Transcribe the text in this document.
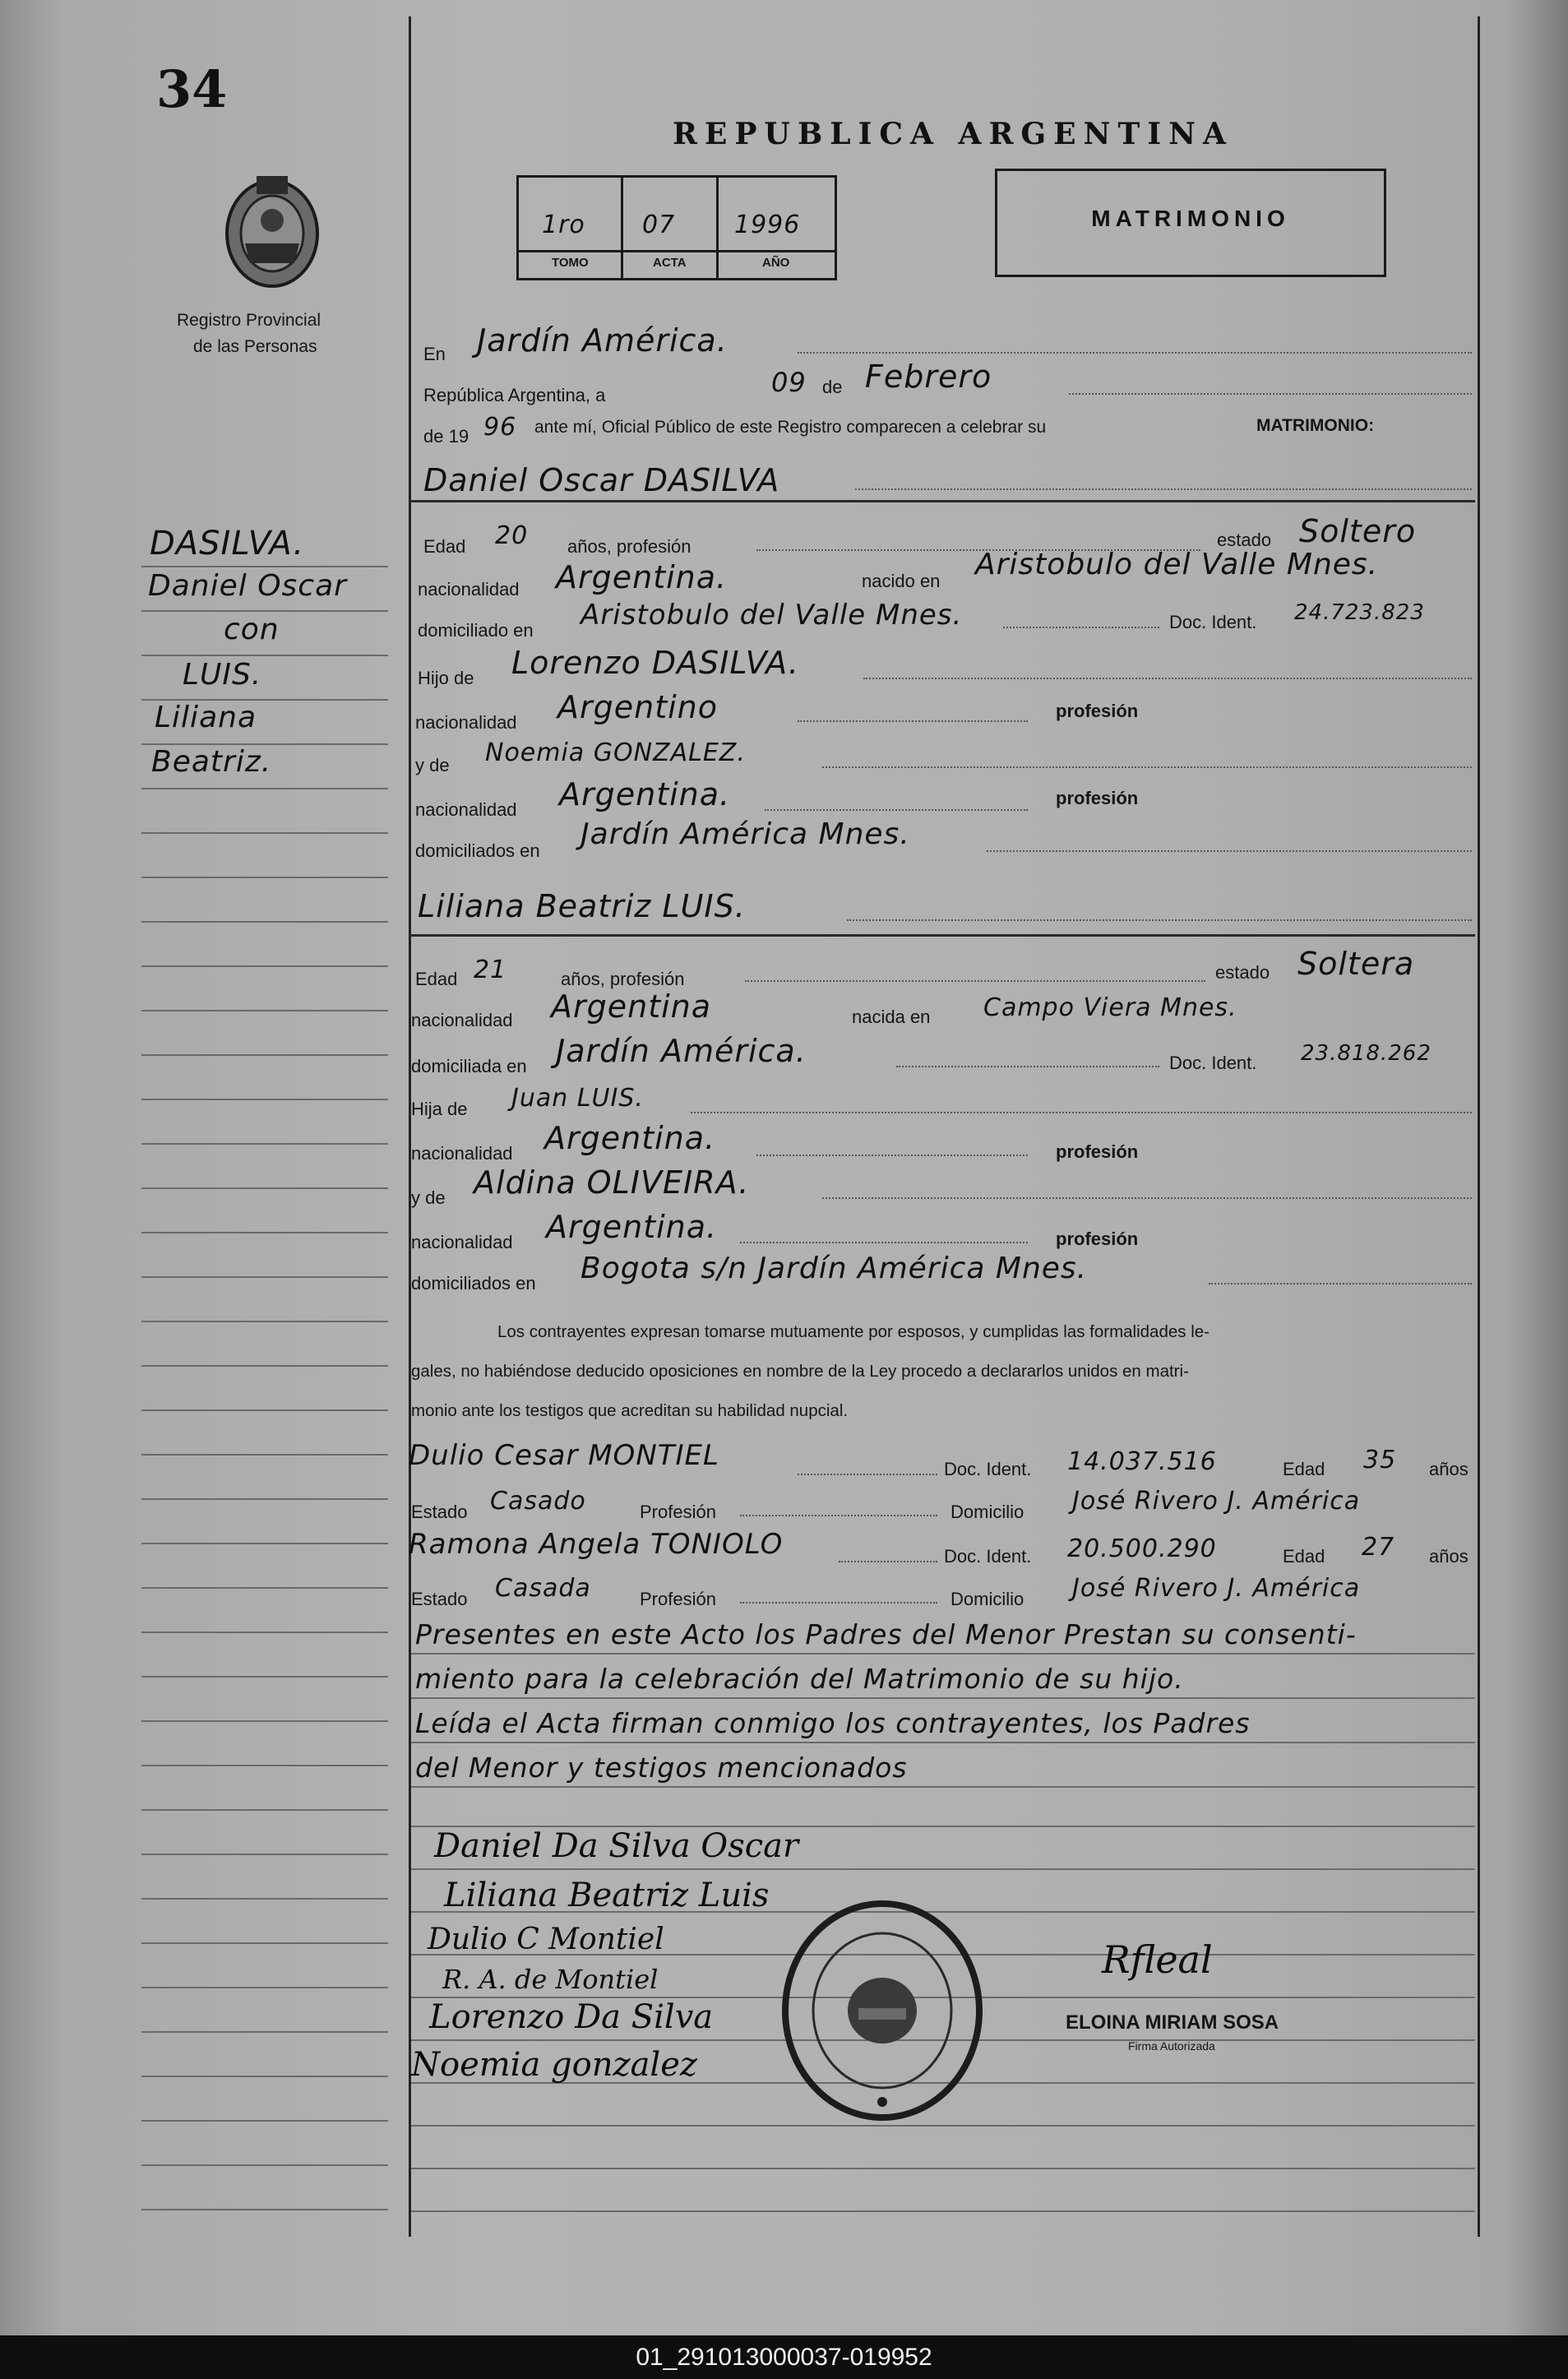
34
Registro Provincial
de las Personas
REPUBLICA ARGENTINA
1ro 07 1996
TOMO	ACTA	AÑO
MATRIMONIO
DASILVA.
Daniel Oscar
con
LUIS.
Liliana
Beatriz.
En Jardín América.
República Argentina, a	09 de Febrero
de 19 96 ante mí, Oficial Público de este Registro comparecen a celebrar su	MATRIMONIO:
Daniel Oscar DASILVA
Edad 20 años, profesión	estado Soltero
nacionalidad Argentina.	nacido en Aristobulo del Valle Mnes.
domiciliado en Aristobulo del Valle Mnes.	Doc. Ident. 24.723.823
Hijo de Lorenzo DASILVA.
nacionalidad Argentino	profesión
y de Noemia GONZALEZ.
nacionalidad Argentina.	profesión
domiciliados en Jardín América Mnes.
Liliana Beatriz LUIS.
Edad 21	años, profesión	estado Soltera
nacionalidad Argentina	nacida en Campo Viera Mnes.
domiciliada en Jardín América.	Doc. Ident. 23.818.262
Hija de Juan LUIS.
nacionalidad Argentina.	profesión
y de Aldina OLIVEIRA.
nacionalidad Argentina.	profesión
domiciliados en Bogota s/n Jardín América Mnes.
Los contrayentes expresan tomarse mutuamente por esposos, y cumplidas las formalidades le-
gales, no habiéndose deducido oposiciones en nombre de la Ley procedo a declararlos unidos en matri-
monio ante los testigos que acreditan su habilidad nupcial.
Dulio Cesar MONTIEL	Doc. Ident. 14.037.516	Edad 35 años
Estado Casado	Profesión	Domicilio José Rivero J. América
Ramona Angela TONIOLO	Doc. Ident. 20.500.290	Edad 27 años
Estado Casada	Profesión	Domicilio José Rivero J. América
Presentes en este Acto los Padres del Menor Prestan su consenti-
miento para la celebración del Matrimonio de su hijo.
Leída el Acta firman conmigo los contrayentes, los Padres
del Menor y testigos mencionados
Daniel Da Silva Oscar
Liliana Beatriz Luis
Dulio C Montiel
R. A. de Montiel
Lorenzo Da Silva
Noemia gonzalez
Rfleal
ELOINA MIRIAM SOSA
Firma Autorizada
01_291013000037-019952
